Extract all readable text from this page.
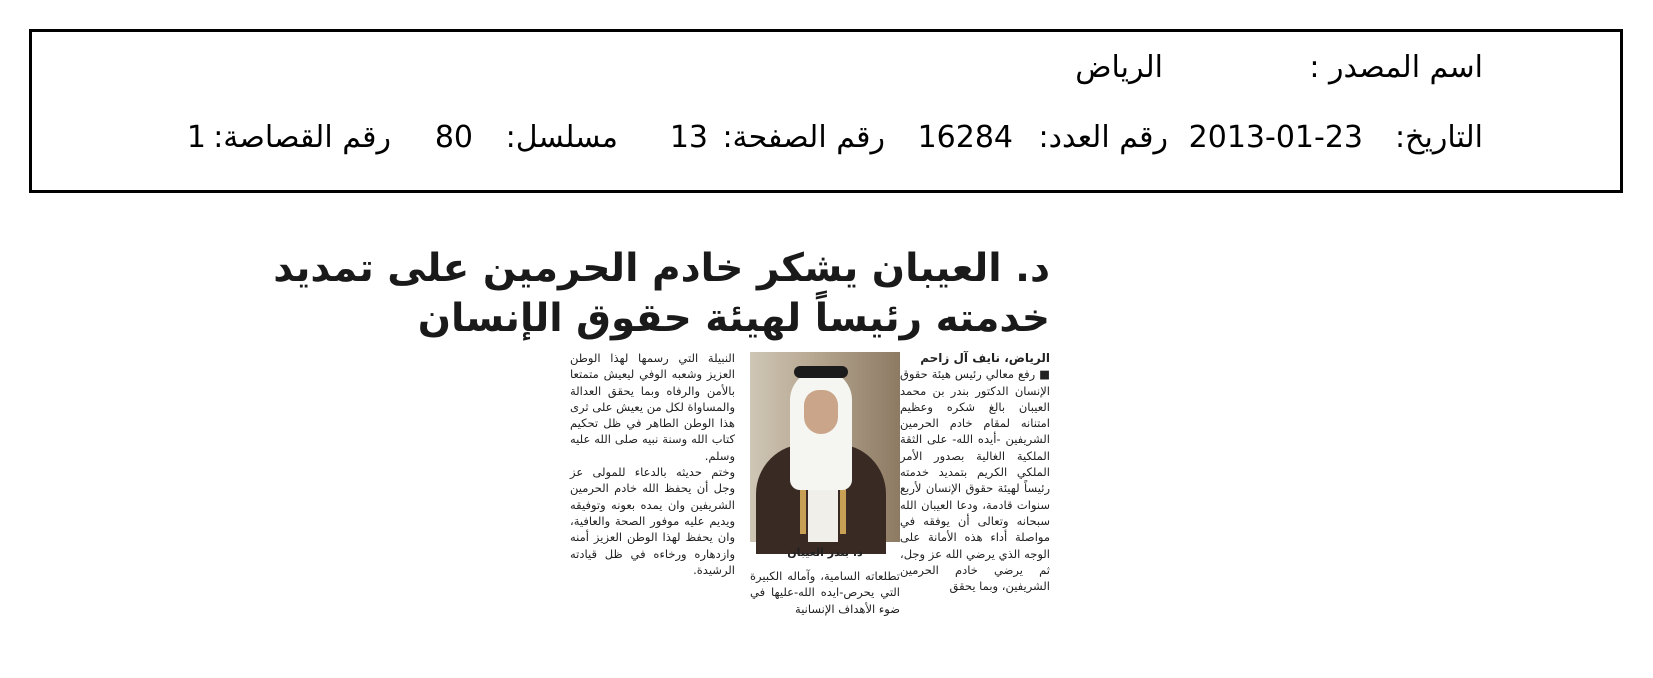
اسم المصدر :
الرياض
التاريخ:
2013-01-23
رقم العدد:
16284
رقم الصفحة:
13
مسلسل:
80
رقم القصاصة:
1
د. العيبان يشكر خادم الحرمين على تمديد
خدمته رئيساً لهيئة حقوق الإنسان

الرياض، نايف آل زاحم

■ رفع معالي رئيس هيئة حقوق الإنسان الدكتور بندر بن محمد العيبان بالغ شكره وعظيم امتنانه لمقام خادم الحرمين الشريفين -أيده الله- على الثقة الملكية الغالية بصدور الأمر الملكي الكريم بتمديد خدمته رئيساً لهيئة حقوق الإنسان لأربع سنوات قادمة، ودعا العيبان الله سبحانه وتعالى أن يوفقه في مواصلة أداء هذه الأمانة على الوجه الذي يرضي الله عز وجل، ثم يرضي خادم الحرمين الشريفين، وبما يحقق

د. بندر العيبان

تطلعاته السامية، وآماله الكبيرة التي يحرص-ايده الله-عليها في ضوء الأهداف الإنسانية

النبيلة التي رسمها لهذا الوطن العزيز وشعبه الوفي ليعيش متمتعا بالأمن والرفاه وبما يحقق العدالة والمساواة لكل من يعيش على ثرى هذا الوطن الطاهر في ظل تحكيم كتاب الله وسنة نبيه صلى الله عليه وسلم.

وختم حديثه بالدعاء للمولى عز وجل أن يحفظ الله خادم الحرمين الشريفين وان يمده بعونه وتوفيقه ويديم عليه موفور الصحة والعافية، وان يحفظ لهذا الوطن العزيز أمنه وازدهاره ورخاءه في ظل قيادته الرشيدة.
